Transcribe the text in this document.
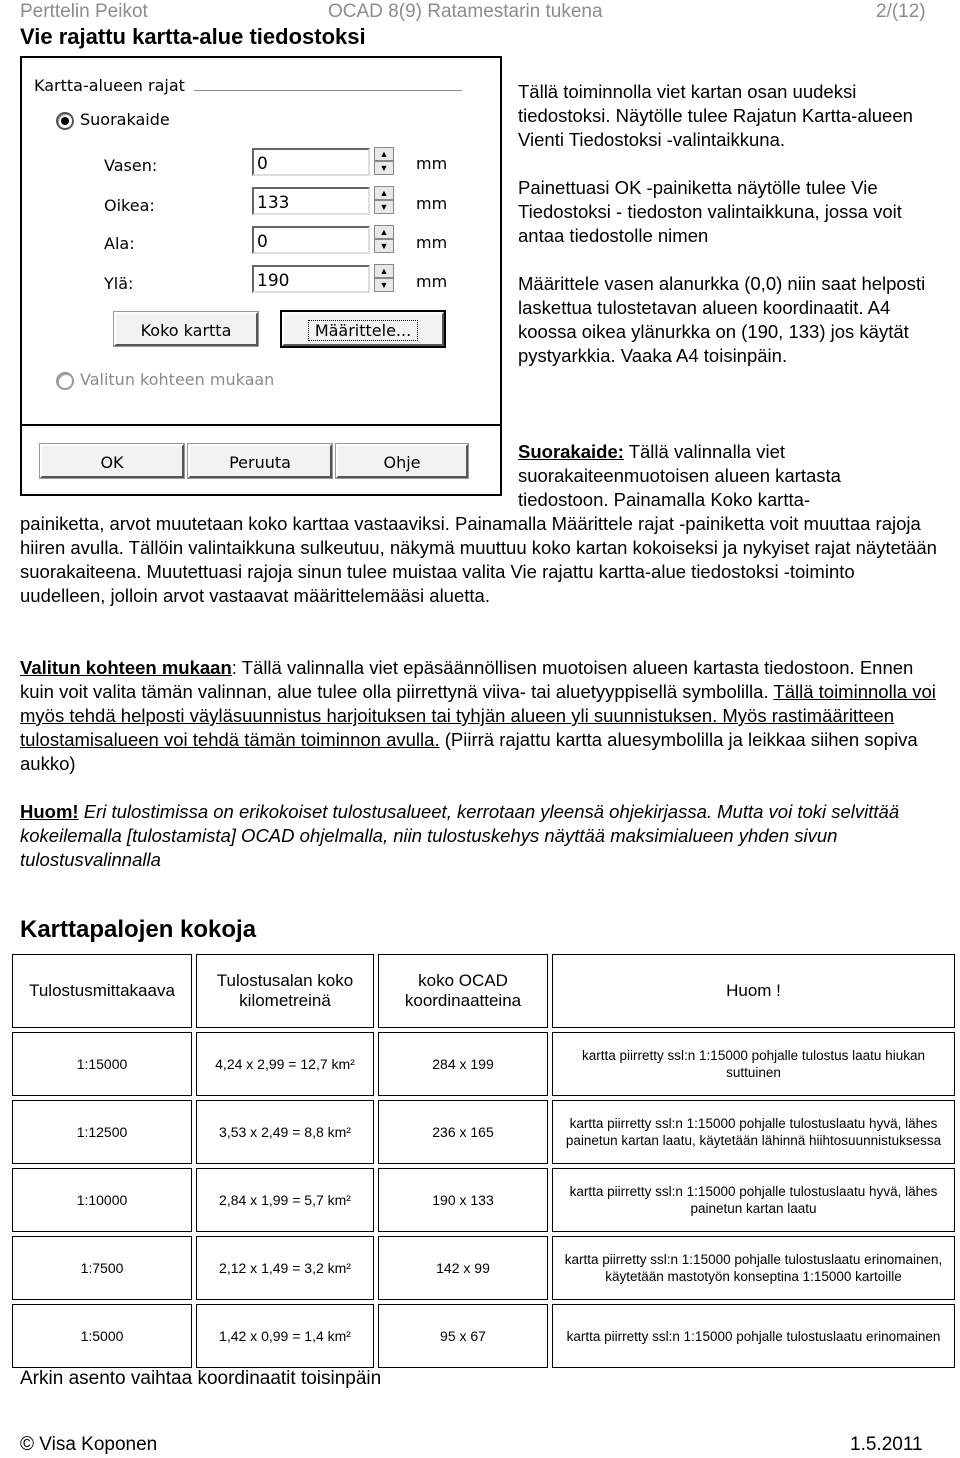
Perttelin Peikot	OCAD 8(9) Ratamestarin tukena	2/(12)
Vie rajattu kartta-alue tiedostoksi
Kartta-alueen rajat
Suorakaide
Vasen:	0	▲
▼	mm
Oikea:	133	▲
▼	mm
Ala:	0	▲
▼	mm
Ylä:	190	▲
▼	mm
Koko kartta	Määrittele...
Valitun kohteen mukaan
OK	Peruuta	Ohje
Tällä toiminnolla viet kartan osan uudeksi tiedostoksi. Näytölle tulee Rajatun Kartta-alueen Vienti Tiedostoksi -valintaikkuna.
Painettuasi OK -painiketta näytölle tulee Vie Tiedostoksi - tiedoston valintaikkuna, jossa voit antaa tiedostolle nimen
Määrittele vasen alanurkka (0,0) niin saat helposti laskettua tulostetavan alueen koordinaatit. A4 koossa oikea ylänurkka on (190, 133) jos käytät pystyarkkia. Vaaka A4 toisinpäin.
Suorakaide: Tällä valinnalla viet suorakaiteenmuotoisen alueen kartasta tiedostoon. Painamalla Koko kartta-
painiketta, arvot muutetaan koko karttaa vastaaviksi. Painamalla Määrittele rajat -painiketta voit muuttaa rajoja hiiren avulla. Tällöin valintaikkuna sulkeutuu, näkymä muuttuu koko kartan kokoiseksi ja nykyiset rajat näytetään suorakaiteena. Muutettuasi rajoja sinun tulee muistaa valita Vie rajattu kartta-alue tiedostoksi -toiminto uudelleen, jolloin arvot vastaavat määrittelemääsi aluetta.
Valitun kohteen mukaan: Tällä valinnalla viet epäsäännöllisen muotoisen alueen kartasta tiedostoon. Ennen kuin voit valita tämän valinnan, alue tulee olla piirrettynä viiva- tai aluetyyppisellä symbolilla. Tällä toiminnolla voi myös tehdä helposti väyläsuunnistus harjoituksen tai tyhjän alueen yli suunnistuksen. Myös rastimääritteen tulostamisalueen voi tehdä tämän toiminnon avulla. (Piirrä rajattu kartta aluesymbolilla ja leikkaa siihen sopiva aukko)
Huom! Eri tulostimissa on erikokoiset tulostusalueet, kerrotaan yleensä ohjekirjassa. Mutta voi toki selvittää kokeilemalla [tulostamista] OCAD ohjelmalla, niin tulostuskehys näyttää maksimialueen yhden sivun tulostusvalinnalla
Karttapalojen kokoja
Tulostusmittakaava	Tulostusalan koko kilometreinä	koko OCAD koordinaatteina	Huom !
1:15000	4,24 x 2,99 = 12,7 km²	284 x 199	kartta piirretty ssl:n 1:15000 pohjalle tulostus laatu hiukan suttuinen
1:12500	3,53 x 2,49 = 8,8 km²	236 x 165	kartta piirretty ssl:n 1:15000 pohjalle tulostuslaatu hyvä, lähes painetun kartan laatu, käytetään lähinnä hiihtosuunnistuksessa
1:10000	2,84 x 1,99 = 5,7 km²	190 x 133	kartta piirretty ssl:n 1:15000 pohjalle tulostuslaatu hyvä, lähes painetun kartan laatu
1:7500	2,12 x 1,49 = 3,2 km²	142 x 99	kartta piirretty ssl:n 1:15000 pohjalle tulostuslaatu erinomainen, käytetään mastotyön konseptina 1:15000 kartoille
1:5000	1,42 x 0,99 = 1,4 km²	95 x 67	kartta piirretty ssl:n 1:15000 pohjalle tulostuslaatu erinomainen
Arkin asento vaihtaa koordinaatit toisinpäin
© Visa Koponen	1.5.2011
